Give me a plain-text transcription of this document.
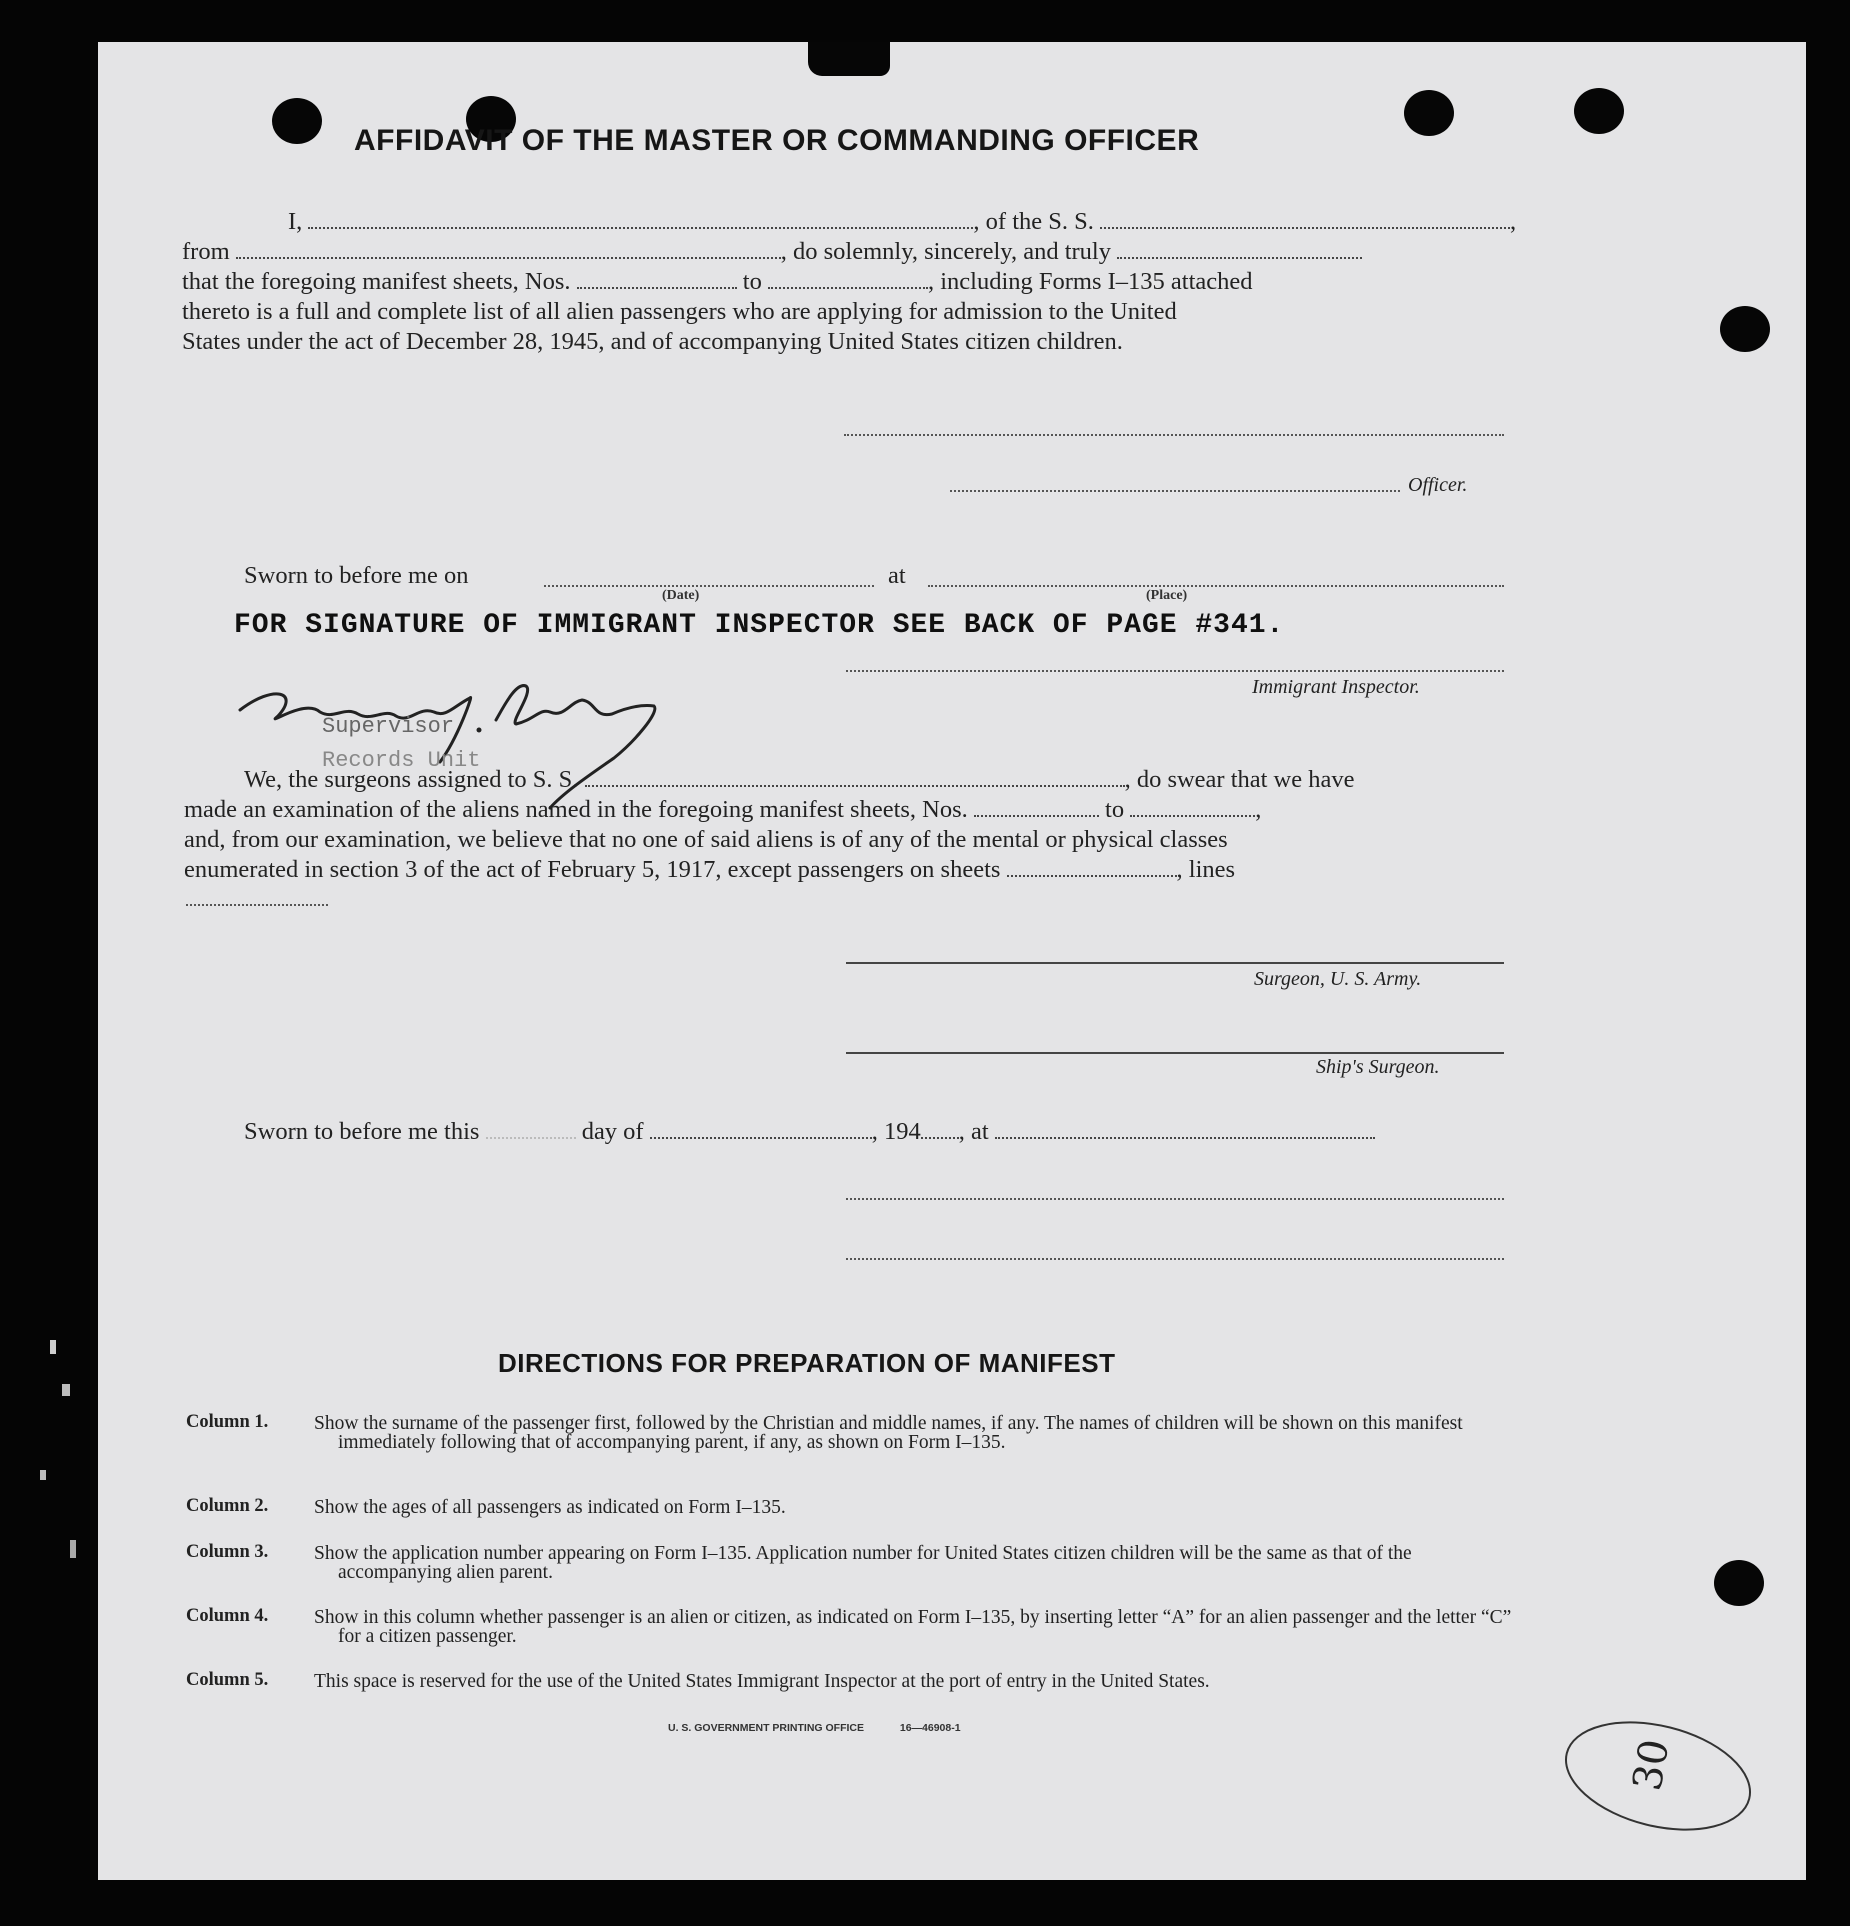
AFFIDAVIT OF THE MASTER OR COMMANDING OFFICER
I,	, of the S. S.	,
from	, do solemnly, sincerely, and truly
that the foregoing manifest sheets, Nos.	to	, including Forms I–135 attached
thereto is a full and complete list of all alien passengers who are applying for admission to the United
States under the act of December 28, 1945, and of accompanying United States citizen children.
Officer.
Sworn to before me on	at
(Date)	(Place)
FOR SIGNATURE OF IMMIGRANT INSPECTOR SEE BACK OF PAGE #341.
Immigrant Inspector.
Supervisor
Records Unit
We, the surgeons assigned to S. S.	, do swear that we have
made an examination of the aliens named in the foregoing manifest sheets, Nos.	to	,
and, from our examination, we believe that no one of said aliens is of any of the mental or physical classes
enumerated in section 3 of the act of February 5, 1917, except passengers on sheets	, lines
Surgeon, U. S. Army.
Ship's Surgeon.
Sworn to before me this	day of	, 194 , at
DIRECTIONS FOR PREPARATION OF MANIFEST
Column 1. Show the surname of the passenger first, followed by the Christian and middle names, if any. The names of children will be shown on this manifest immediately following that of accompanying parent, if any, as shown on Form I–135.
Column 2. Show the ages of all passengers as indicated on Form I–135.
Column 3. Show the application number appearing on Form I–135. Application number for United States citizen children will be the same as that of the accompanying alien parent.
Column 4. Show in this column whether passenger is an alien or citizen, as indicated on Form I–135, by inserting letter “A” for an alien passenger and the letter “C” for a citizen passenger.
Column 5. This space is reserved for the use of the United States Immigrant Inspector at the port of entry in the United States.
U. S. GOVERNMENT PRINTING OFFICE	16—46908-1
30
